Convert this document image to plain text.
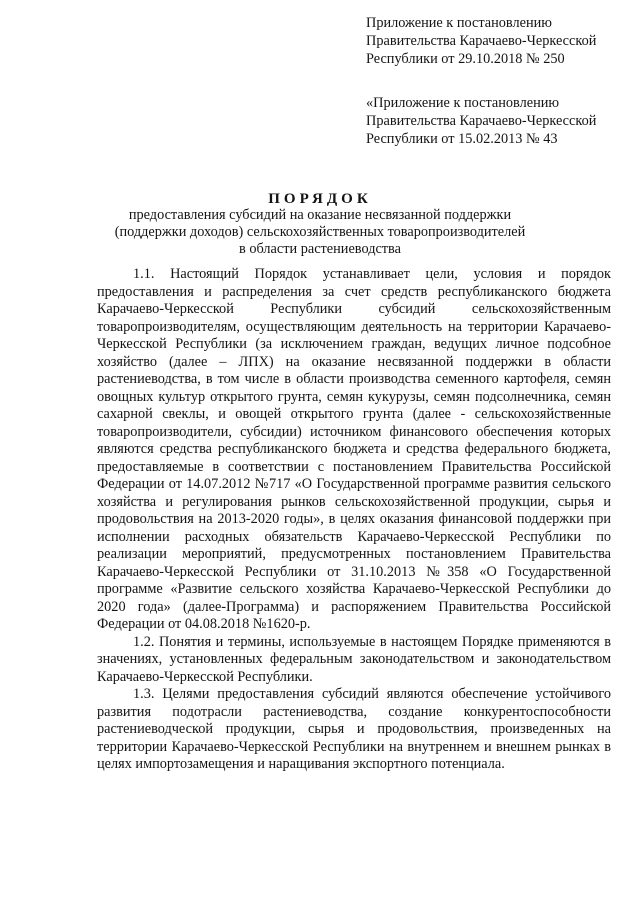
Приложение к постановлению
Правительства Карачаево-Черкесской
Республики от 29.10.2018 № 250
«Приложение к постановлению
Правительства Карачаево-Черкесской
Республики от 15.02.2013 № 43
ПОРЯДОК
предоставления субсидий на оказание несвязанной поддержки (поддержки доходов) сельскохозяйственных товаропроизводителей в области растениеводства

1.1. Настоящий Порядок устанавливает цели, условия и порядок предоставления и распределения за счет средств республиканского бюджета Карачаево-Черкесской Республики субсидий сельскохозяйственным товаропроизводителям, осуществляющим деятельность на территории Карачаево-Черкесской Республики (за исключением граждан, ведущих личное подсобное хозяйство (далее – ЛПХ) на оказание несвязанной поддержки в области растениеводства, в том числе в области производства семенного картофеля, семян овощных культур открытого грунта, семян кукурузы, семян подсолнечника, семян сахарной свеклы, и овощей открытого грунта (далее - сельскохозяйственные товаропроизводители, субсидии) источником финансового обеспечения которых являются средства республиканского бюджета и средства федерального бюджета, предоставляемые в соответствии с постановлением Правительства Российской Федерации от 14.07.2012 №717 «О Государственной программе развития сельского хозяйства и регулирования рынков сельскохозяйственной продукции, сырья и продовольствия на 2013-2020 годы», в целях оказания финансовой поддержки при исполнении расходных обязательств Карачаево-Черкесской Республики по реализации мероприятий, предусмотренных постановлением Правительства Карачаево-Черкесской Республики от 31.10.2013 №358 «О Государственной программе «Развитие сельского хозяйства Карачаево-Черкесской Республики до 2020 года» (далее-Программа) и распоряжением Правительства Российской Федерации от 04.08.2018 №1620-р.

1.2. Понятия и термины, используемые в настоящем Порядке применяются в значениях, установленных федеральным законодательством и законодательством Карачаево-Черкесской Республики.

1.3. Целями предоставления субсидий являются обеспечение устойчивого развития подотрасли растениеводства, создание конкурентоспособности растениеводческой продукции, сырья и продовольствия, произведенных на территории Карачаево-Черкесской Республики на внутреннем и внешнем рынках в целях импортозамещения и наращивания экспортного потенциала.
